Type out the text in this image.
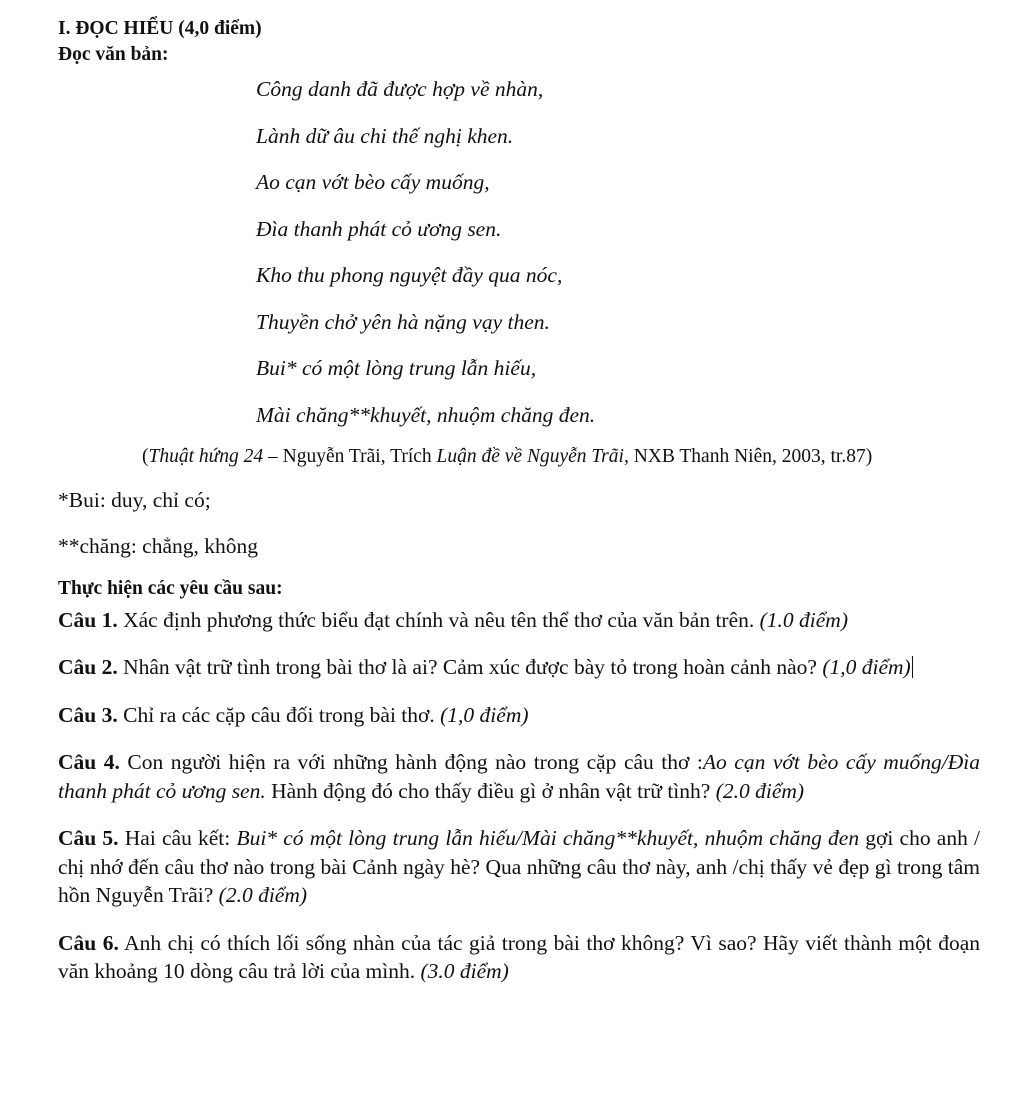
I. ĐỌC HIỂU (4,0 điểm)

Đọc văn bản:

Công danh đã được hợp về nhàn,
Lành dữ âu chi thế nghị khen.
Ao cạn vớt bèo cấy muống,
Đìa thanh phát cỏ ương sen.
Kho thu phong nguyệt đầy qua nóc,
Thuyền chở yên hà nặng vạy then.
Bui* có một lòng trung lẫn hiếu,
Mài chăng**khuyết, nhuộm chăng đen.

(Thuật hứng 24 – Nguyễn Trãi, Trích Luận đề về Nguyễn Trãi, NXB Thanh Niên, 2003, tr.87)

*Bui: duy, chỉ có;

**chăng: chẳng, không

Thực hiện các yêu cầu sau:

Câu 1. Xác định phương thức biểu đạt chính và nêu tên thể thơ của văn bản trên. (1.0 điểm)

Câu 2. Nhân vật trữ tình trong bài thơ là ai? Cảm xúc được bày tỏ trong hoàn cảnh nào? (1,0 điểm)

Câu 3. Chỉ ra các cặp câu đối trong bài thơ. (1,0 điểm)

Câu 4. Con người hiện ra với những hành động nào trong cặp câu thơ :Ao cạn vớt bèo cấy muống/Đìa thanh phát cỏ ương sen. Hành động đó cho thấy điều gì ở nhân vật trữ tình? (2.0 điểm)

Câu 5. Hai câu kết: Bui* có một lòng trung lẫn hiếu/Mài chăng**khuyết, nhuộm chăng đen gợi cho anh / chị nhớ đến câu thơ nào trong bài Cảnh ngày hè? Qua những câu thơ này, anh /chị thấy vẻ đẹp gì trong tâm hồn Nguyễn Trãi? (2.0 điểm)

Câu 6. Anh chị có thích lối sống nhàn của tác giả trong bài thơ không? Vì sao? Hãy viết thành một đoạn văn khoảng 10 dòng câu trả lời của mình. (3.0 điểm)
